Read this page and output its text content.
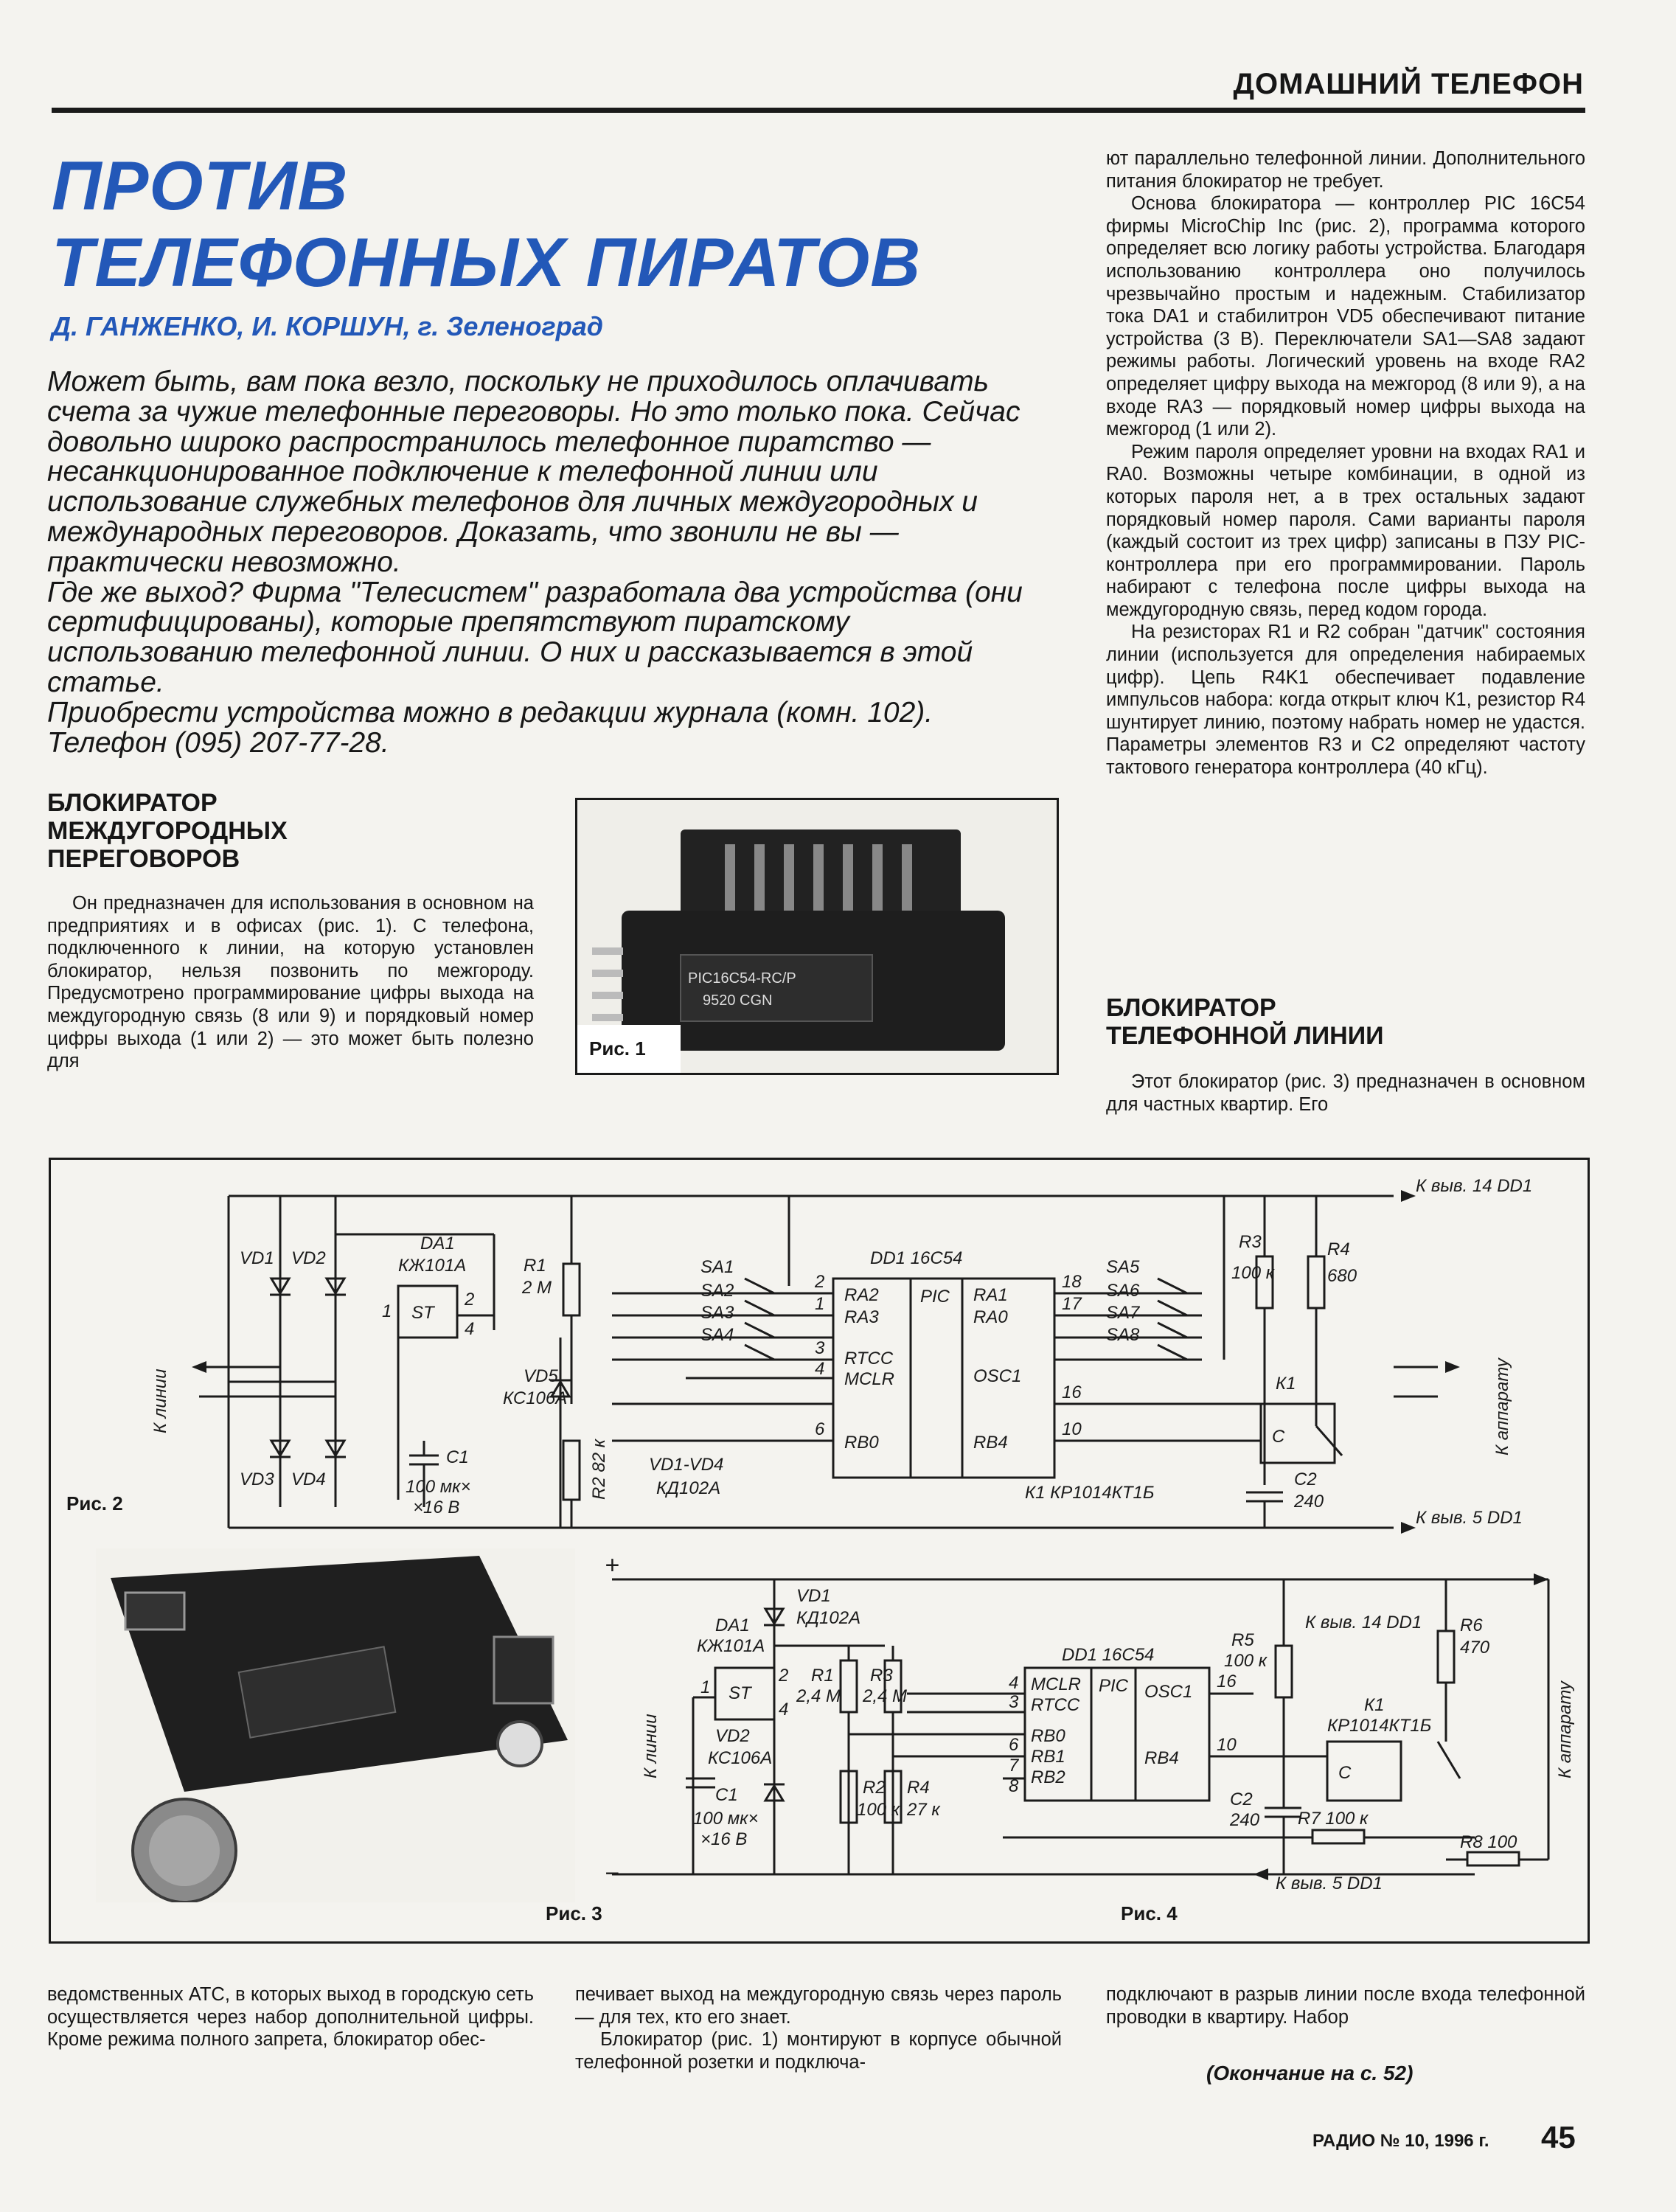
ДОМАШНИЙ ТЕЛЕФОН
ПРОТИВ
ТЕЛЕФОННЫХ ПИРАТОВ
Д. ГАНЖЕНКО, И. КОРШУН, г. Зеленоград

Может быть, вам пока везло, поскольку не приходилось оплачивать счета за чужие телефонные переговоры. Но это только пока. Сейчас довольно широко распространилось телефонное пиратство — несанкционированное подключение к телефонной линии или использование служебных телефонов для личных междугородных и международных переговоров. Доказать, что звонили не вы — практически невозможно.

Где же выход? Фирма "Телесистем" разработала два устройства (они сертифицированы), которые препятствуют пиратскому использованию телефонной линии. О них и рассказывается в этой статье.

Приобрести устройства можно в редакции журнала (комн. 102). Телефон (095) 207-77-28.

БЛОКИРАТОР
МЕЖДУГОРОДНЫХ
ПЕРЕГОВОРОВ

Он предназначен для использования в основном на предприятиях и в офисах (рис. 1). С телефона, подключенного к линии, на которую установлен блокиратор, нельзя позвонить по межгороду. Предусмотрено программирование цифры выхода на междугородную связь (8 или 9) и порядковый номер цифры выхода (1 или 2) — это может быть полезно для

PIC16C54-RC/P
9520 CGN
Рис. 1

ют параллельно телефонной линии. Дополнительного питания блокиратор не требует.

Основа блокиратора — контроллер PIC 16C54 фирмы MicroChip Inc (рис. 2), программа которого определяет всю логику работы устройства. Благодаря использованию контроллера оно получилось чрезвычайно простым и надежным. Стабилизатор тока DA1 и стабилитрон VD5 обеспечивают питание устройства (3 В). Переключатели SA1—SA8 задают режимы работы. Логический уровень на входе RA2 определяет цифру выхода на межгород (8 или 9), а на входе RA3 — порядковый номер цифры выхода на межгород (1 или 2).

Режим пароля определяет уровни на входах RA1 и RA0. Возможны четыре комбинации, в одной из которых пароля нет, а в трех остальных задают порядковый номер пароля. Сами варианты пароля (каждый состоит из трех цифр) записаны в ПЗУ PIC-контроллера при его программировании. Пароль набирают с телефона после цифры выхода на междугородную связь, перед кодом города.

На резисторах R1 и R2 собран "датчик" состояния линии (используется для определения набираемых цифр). Цепь R4K1 обеспечивает подавление импульсов набора: когда открыт ключ К1, резистор R4 шунтирует линию, поэтому набрать номер не удастся. Параметры элементов R3 и C2 определяют частоту тактового генератора контроллера (40 кГц).

БЛОКИРАТОР
ТЕЛЕФОННОЙ ЛИНИИ

Этот блокиратор (рис. 3) предназначен в основном для частных квартир. Его

К выв. 14 DD1
К выв. 5 DD1
К линии	К аппарату
VD1 VD2
VD3 VD4
DA1
КЖ101А
ST
1
2
4
R1
2 М
R2 82 к
С1
100 мк×
×16 В
VD5
КС106А
VD1-VD4
КД102А
SA1
SA2
SA3
SA4
SA5
SA6
SA7
SA8
DD1 16С54
PIC
RA2
RA3
RTCC
MCLR
RB0
RA1
RA0
OSC1
RB4
2
1
3
4
6
18
17
16
10
R3
100 к
R4
680
К1
С
С2
240
К1 КР1014КТ1Б
Рис. 2
Рис. 3
+
−
К линии	К аппарату
VD1
КД102А
DA1
КЖ101А
ST
1
2
4
R1
2,4 М
R3
2,4 М
R2
100 к
R4
27 к
VD2
КС106А
С1
100 мк×
×16 В
DD1 16С54
PIC
MCLR
RTCC
RB0
RB1
RB2
OSC1
RB4
4
3
6
7
8
16
10
R5
100 к
К выв. 14 DD1 R6
470
К1
КР1014КТ1Б
С
С2
240 R7 100 к
R8 100
К выв. 5 DD1
Рис. 4

ведомственных АТС, в которых выход в городскую сеть осуществляется через набор дополнительной цифры. Кроме режима полного запрета, блокиратор обес-

печивает выход на междугородную связь через пароль — для тех, кто его знает.

Блокиратор (рис. 1) монтируют в корпусе обычной телефонной розетки и подключа-

подключают в разрыв линии после входа телефонной проводки в квартиру. Набор

(Окончание на с. 52)
РАДИО № 10, 1996 г. 45
